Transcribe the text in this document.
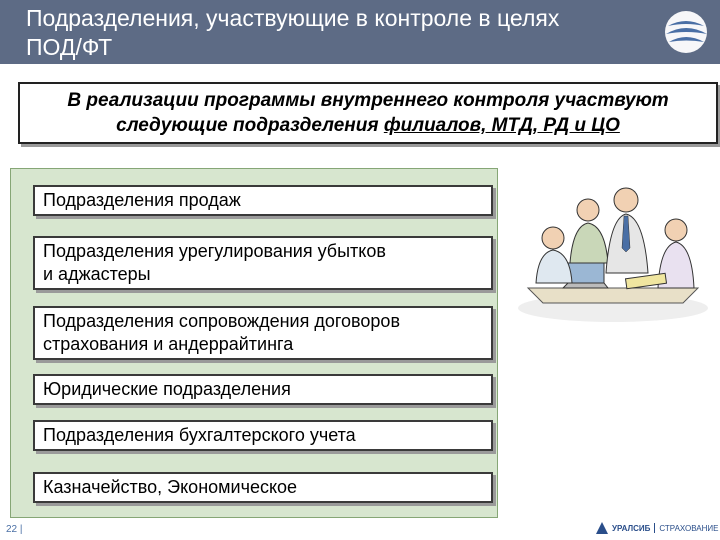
Подразделения, участвующие в контроле в целях
ПОД/ФТ
В реализации программы внутреннего контроля участвуют
следующие подразделения филиалов, МТД, РД и ЦО
Подразделения продаж
Подразделения урегулирования убытков
и аджастеры
Подразделения сопровождения договоров
страхования и андеррайтинга
Юридические подразделения
Подразделения бухгалтерского учета
Казначейство, Экономическое
22 |	УРАЛСИБ СТРАХОВАНИЕ
